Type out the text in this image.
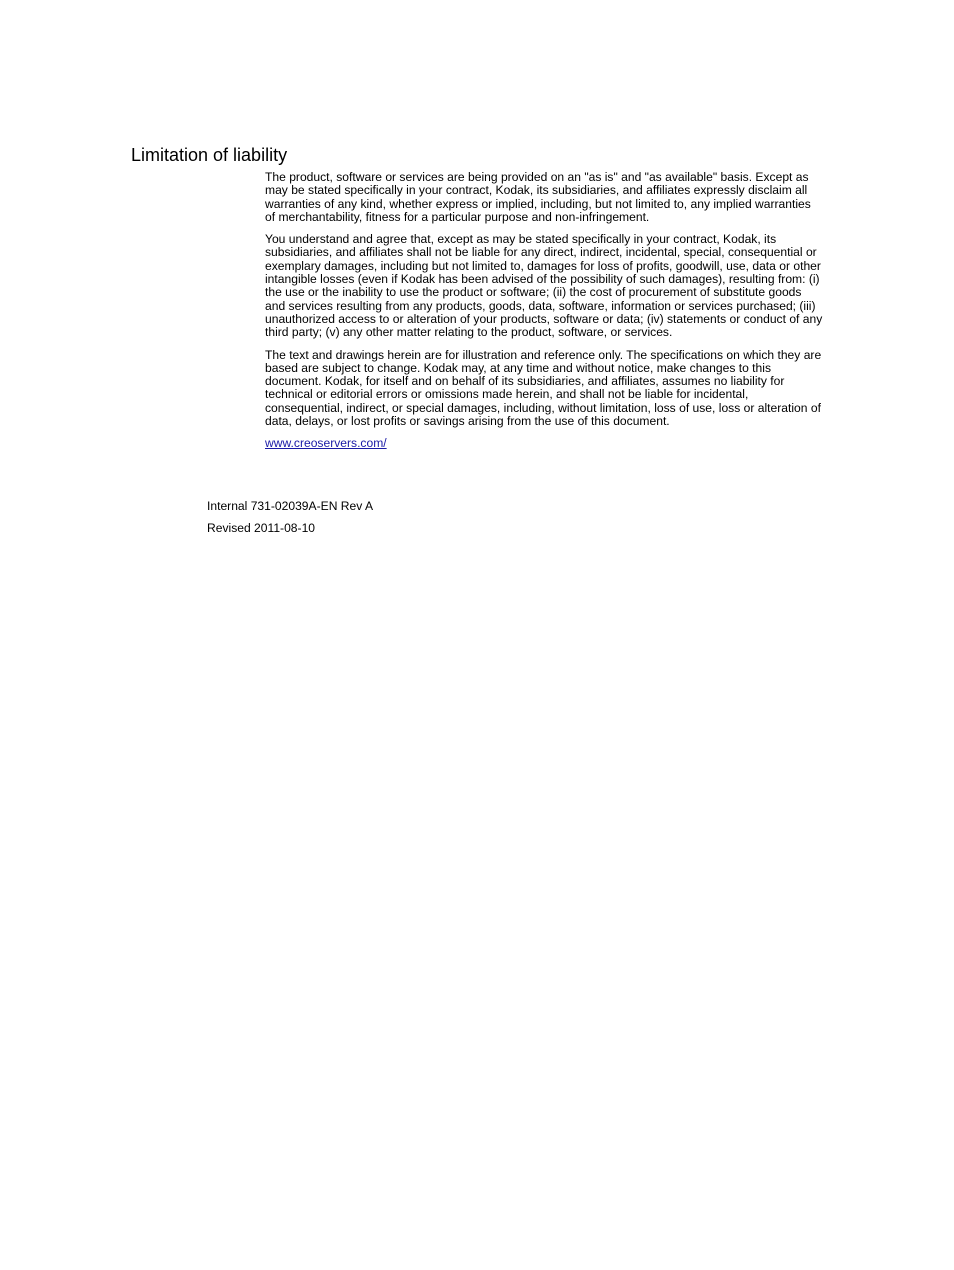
Limitation of liability

The product, software or services are being provided on an "as is" and "as available" basis. Except as may be stated specifically in your contract, Kodak, its subsidiaries, and affiliates expressly disclaim all warranties of any kind, whether express or implied, including, but not limited to, any implied warranties of merchantability, fitness for a particular purpose and non-infringement.

You understand and agree that, except as may be stated specifically in your contract, Kodak, its subsidiaries, and affiliates shall not be liable for any direct, indirect, incidental, special, consequential or exemplary damages, including but not limited to, damages for loss of profits, goodwill, use, data or other intangible losses (even if Kodak has been advised of the possibility of such damages), resulting from: (i) the use or the inability to use the product or software; (ii) the cost of procurement of substitute goods and services resulting from any products, goods, data, software, information or services purchased; (iii) unauthorized access to or alteration of your products, software or data; (iv) statements or conduct of any third party; (v) any other matter relating to the product, software, or services.

The text and drawings herein are for illustration and reference only. The specifications on which they are based are subject to change. Kodak may, at any time and without notice, make changes to this document. Kodak, for itself and on behalf of its subsidiaries, and affiliates, assumes no liability for technical or editorial errors or omissions made herein, and shall not be liable for incidental, consequential, indirect, or special damages, including, without limitation, loss of use, loss or alteration of data, delays, or lost profits or savings arising from the use of this document.

www.creoservers.com/

Internal 731-02039A-EN Rev A

Revised 2011-08-10
